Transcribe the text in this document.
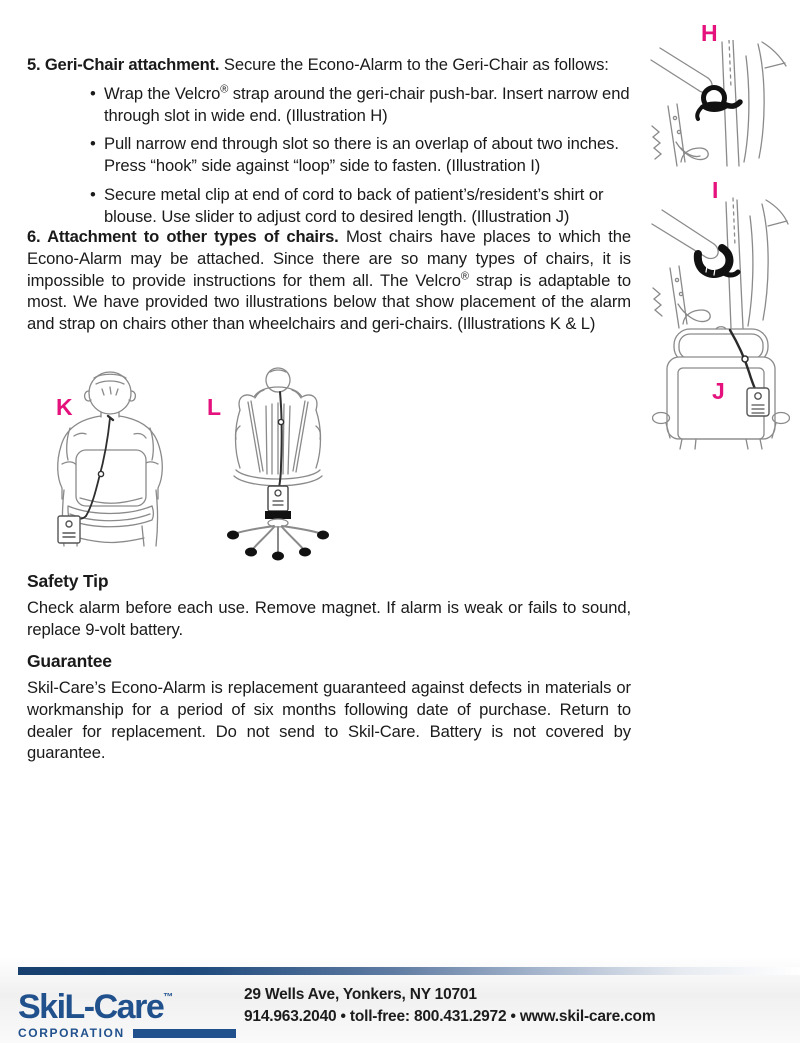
5. Geri-Chair attachment. Secure the Econo-Alarm to the Geri-Chair as follows:

• Wrap the Velcro® strap around the geri-chair push-bar. Insert narrow end through slot in wide end. (Illustration H)
• Pull narrow end through slot so there is an overlap of about two inches. Press “hook” side against “loop” side to fasten. (Illustration I)
• Secure metal clip at end of cord to back of patient’s/resident’s shirt or blouse. Use slider to adjust cord to desired length. (Illustration J)

6. Attachment to other types of chairs. Most chairs have places to which the Econo-Alarm may be attached. Since there are so many types of chairs, it is impossible to provide instructions for them all. The Velcro® strap is adaptable to most. We have provided two illustrations below that show placement of the alarm and strap on chairs other than wheelchairs and geri-chairs. (Illustrations K & L)

K	L

Safety Tip

Check alarm before each use. Remove magnet. If alarm is weak or fails to sound, replace 9-volt battery.

Guarantee

Skil-Care’s Econo-Alarm is replacement guaranteed against defects in materials or workmanship for a period of six months following date of purchase. Return to dealer for replacement. Do not send to Skil-Care. Battery is not covered by guarantee.

H
I
J
SkiL-Care™
CORPORATION
29 Wells Ave, Yonkers, NY 10701
914.963.2040 • toll-free: 800.431.2972 • www.skil-care.com
